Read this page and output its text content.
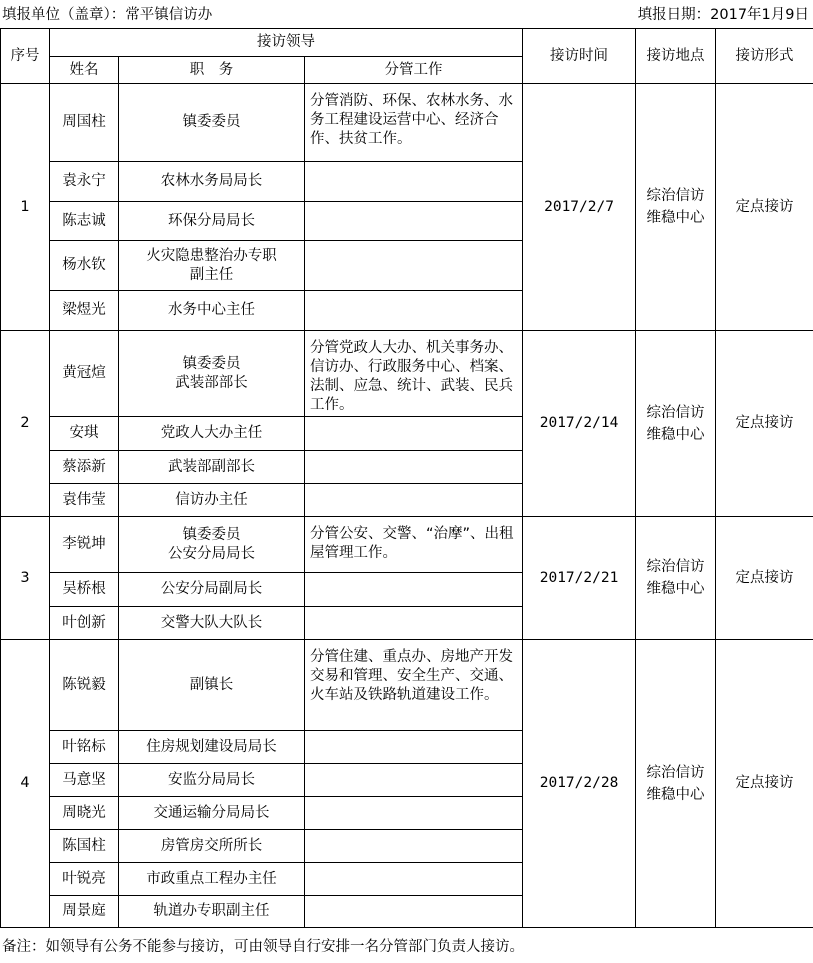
填报单位（盖章）：常平镇信访办	填报日期：2017年1月9日
序号	接访领导			接访时间	接访地点	接访形式
	姓名	职　务	分管工作			
1	周国柱	镇委委员	分管消防、环保、农林水务、水务工程建设运营中心、经济合作、扶贫工作。	2017/2/7	综治信访
维稳中心	定点接访
	袁永宁	农林水务局局长				
	陈志诚	环保分局局长				
	杨水钦	火灾隐患整治办专职
副主任				
	梁煜光	水务中心主任				
2	黄冠煊	镇委委员
武装部部长	分管党政人大办、机关事务办、信访办、行政服务中心、档案、法制、应急、统计、武装、民兵工作。	2017/2/14	综治信访
维稳中心	定点接访
	安琪	党政人大办主任				
	蔡添新	武装部副部长				
	袁伟莹	信访办主任				
3	李锐坤	镇委委员
公安分局局长	分管公安、交警、“治摩”、出租屋管理工作。	2017/2/21	综治信访
维稳中心	定点接访
	吴桥根	公安分局副局长				
	叶创新	交警大队大队长				
4	陈锐毅	副镇长	分管住建、重点办、房地产开发交易和管理、安全生产、交通、火车站及铁路轨道建设工作。	2017/2/28	综治信访
维稳中心	定点接访
	叶铭标	住房规划建设局局长				
	马意坚	安监分局局长				
	周晓光	交通运输分局局长				
	陈国柱	房管房交所所长				
	叶锐亮	市政重点工程办主任				
	周景庭	轨道办专职副主任				
备注：如领导有公务不能参与接访，可由领导自行安排一名分管部门负责人接访。
